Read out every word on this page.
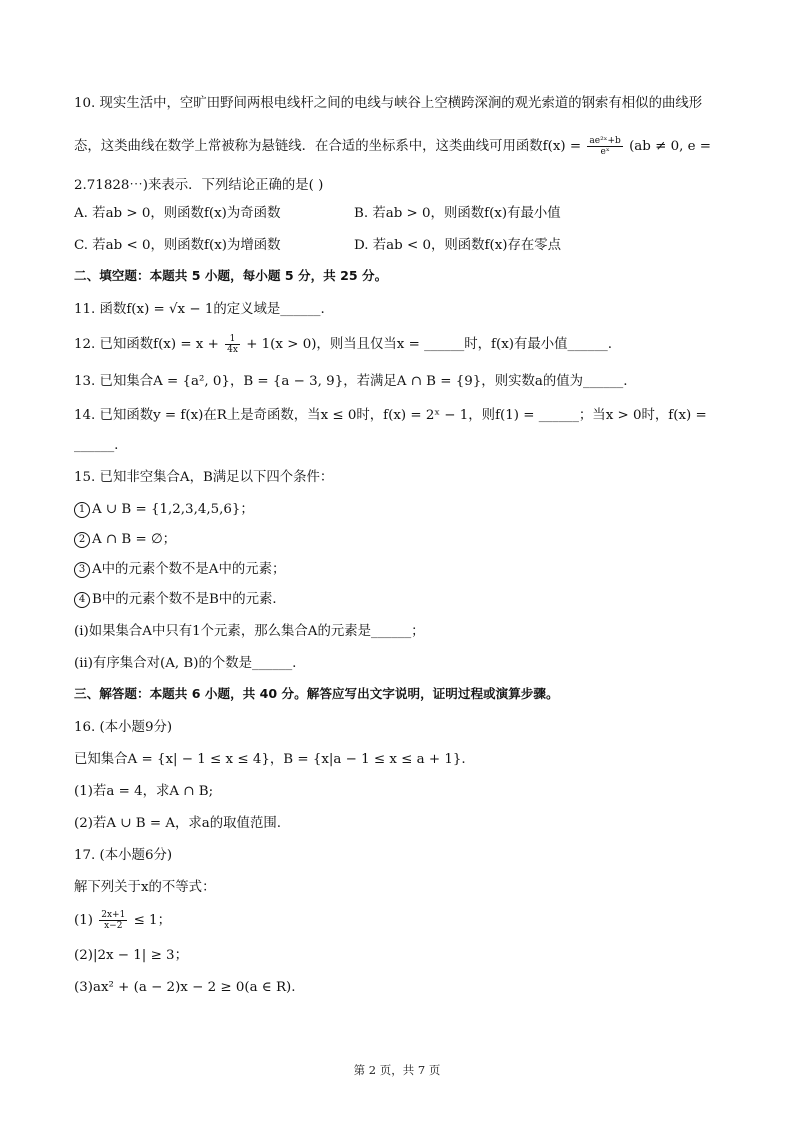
10. 现实生活中，空旷田野间两根电线杆之间的电线与峡谷上空横跨深涧的观光索道的钢索有相似的曲线形
态，这类曲线在数学上常被称为悬链线．在合适的坐标系中，这类曲线可用函数$f(x) = \frac{\text{ae²ˣ+b}}{\text{eˣ}} (ab \ne 0$, e =
2.71828⋯)来表示．下列结论正确的是( )
A. 若ab > 0，则函数f(x)为奇函数	B. 若ab > 0，则函数f(x)有最小值
C. 若ab < 0，则函数f(x)为增函数	D. 若ab < 0，则函数f(x)存在零点
二、填空题：本题共 5 小题，每小题 5 分，共 25 分。
11. 函数f(x) = √x − 1的定义域是______.
12. 已知函数$f(x) = x + \frac{1}{4x} + 1(x > 0)$，则当且仅当x = ______时，f(x)有最小值______.
13. 已知集合A = {a², 0}，B = {a − 3, 9}，若满足A ∩ B = {9}，则实数a的值为______.
14. 已知函数y = f(x)在R上是奇函数，当x ≤ 0时，f(x) = 2ˣ − 1，则f(1) = ______；当x > 0时，f(x) =
______.
15. 已知非空集合A，B满足以下四个条件：
1 A ∪ B = {1,2,3,4,5,6}；
2 A ∩ B = ∅；
3 A中的元素个数不是A中的元素；
4 B中的元素个数不是B中的元素．
(i)如果集合A中只有1个元素，那么集合A的元素是______；
(ii)有序集合对(A, B)的个数是______.
三、解答题：本题共 6 小题，共 40 分。解答应写出文字说明，证明过程或演算步骤。
16. (本小题9分)
已知集合A = {x| − 1 ≤ x ≤ 4}，B = {x|a − 1 ≤ x ≤ a + 1}.
(1)若a = 4，求A ∩ B;
(2)若A ∪ B = A，求a的取值范围.
17. (本小题6分)
解下列关于x的不等式：
$(1) \frac{2x+1}{x-2} \le 1$；
(2)|2x − 1| ≥ 3；
(3)ax² + (a − 2)x − 2 ≥ 0(a ∈ R).
第 2 页，共 7 页
